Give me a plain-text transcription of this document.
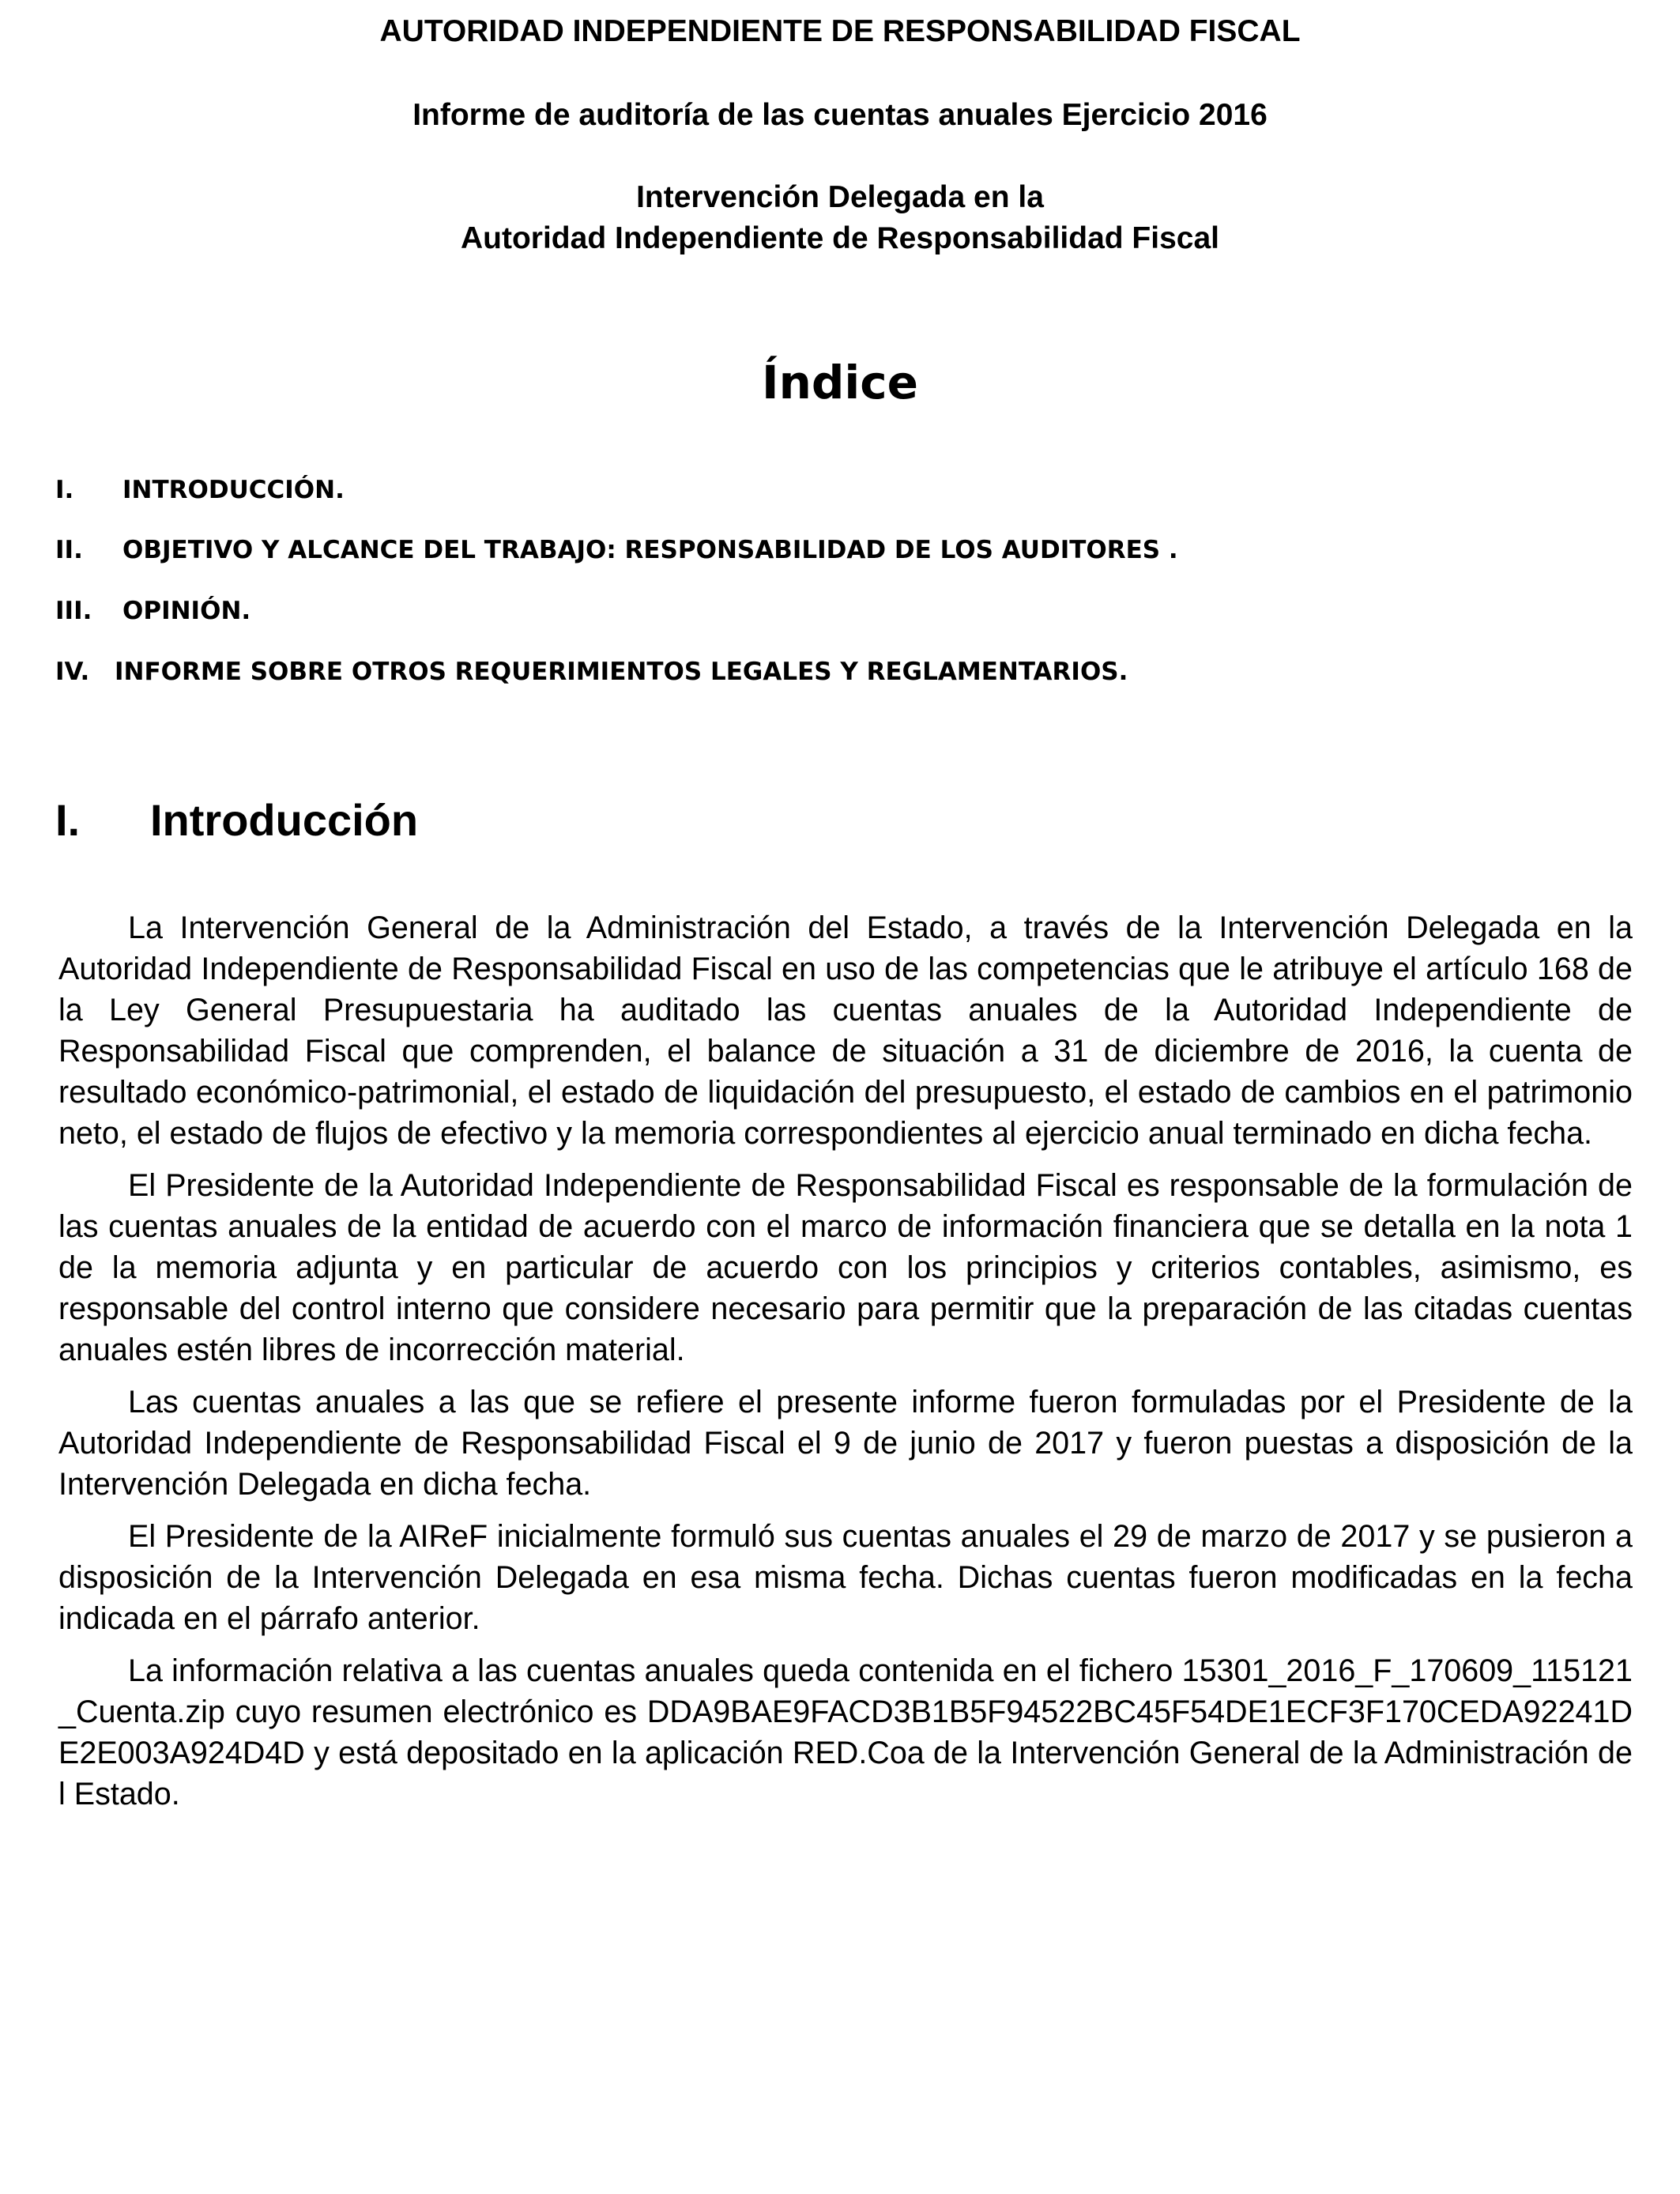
AUTORIDAD INDEPENDIENTE DE RESPONSABILIDAD FISCAL
Informe de auditoría de las cuentas anuales Ejercicio 2016
Intervención Delegada en la
Autoridad Independiente de Responsabilidad Fiscal
Índice
I. INTRODUCCIÓN.
II. OBJETIVO Y ALCANCE DEL TRABAJO: RESPONSABILIDAD DE LOS AUDITORES .
III. OPINIÓN.
IV. INFORME SOBRE OTROS REQUERIMIENTOS LEGALES Y REGLAMENTARIOS.
I. Introducción

La Intervención General de la Administración del Estado, a través de la Intervención Delegada en la Autoridad Independiente de Responsabilidad Fiscal en uso de las competencias que le atribuye el artículo 168 de la Ley General Presupuestaria ha auditado las cuentas anuales de la Autoridad Independiente de Responsabilidad Fiscal que comprenden, el balance de situación a 31 de diciembre de 2016, la cuenta de resultado económico-patrimonial, el estado de liquidación del presupuesto, el estado de cambios en el patrimonio neto, el estado de flujos de efectivo y la memoria correspondientes al ejercicio anual terminado en dicha fecha.

El Presidente de la Autoridad Independiente de Responsabilidad Fiscal es responsable de la formulación de las cuentas anuales de la entidad de acuerdo con el marco de información financiera que se detalla en la nota 1 de la memoria adjunta y en particular de acuerdo con los principios y criterios contables, asimismo, es responsable del control interno que considere necesario para permitir que la preparación de las citadas cuentas anuales estén libres de incorrección material.

Las cuentas anuales a las que se refiere el presente informe fueron formuladas por el Presidente de la Autoridad Independiente de Responsabilidad Fiscal el 9 de junio de 2017 y fueron puestas a disposición de la Intervención Delegada en dicha fecha.

El Presidente de la AIReF inicialmente formuló sus cuentas anuales el 29 de marzo de 2017 y se pusieron a disposición de la Intervención Delegada en esa misma fecha. Dichas cuentas fueron modificadas en la fecha indicada en el párrafo anterior.

La información relativa a las cuentas anuales queda contenida en el fichero 15301_2016_F_170609_115121_Cuenta.zip cuyo resumen electrónico es DDA9BAE9FACD3B1B5F94522BC45F54DE1ECF3F170CEDA92241DE2E003A924D4D y está depositado en la aplicación RED.Coa de la Intervención General de la Administración del Estado.
